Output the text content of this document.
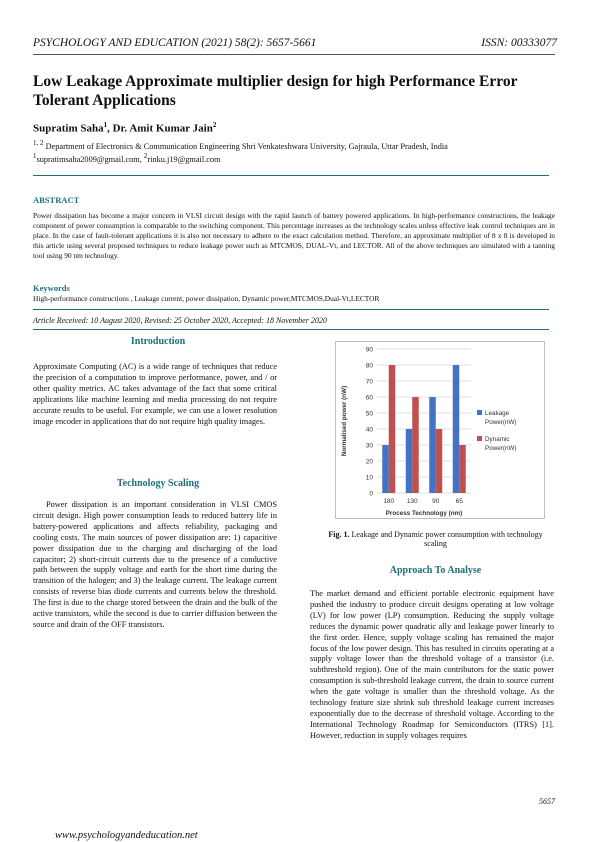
PSYCHOLOGY AND EDUCATION (2021) 58(2): 5657-5661	ISSN: 00333077
Low Leakage Approximate multiplier design for high Performance Error Tolerant Applications
Supratim Saha$^1$, Dr. Amit Kumar Jain$^2$
$^{1, 2}$ Department of Electronics & Communication Engineering Shri Venkateshwara University, Gajraula, Uttar Pradesh, India
$^1$supratimsaha2009@gmail.com, $^2$rinku.j19@gmail.com
ABSTRACT
Power dissipation has become a major concern in VLSI circuit design with the rapid launch of battery powered applications. In high-performance constructions, the leakage component of power consumption is comparable to the switching component. This percentage increases as the technology scales unless effective leak control techniques are in place. In the case of fault-tolerant applications it is also not necessary to adhere to the exact calculation method. Therefore, an approximate multiplier of 8 x 8 is developed in this article using several proposed techniques to reduce leakage power such as MTCMOS, DUAL-Vt, and LECTOR. All of the above techniques are simulated with a tanning tool using 90 nm technology.
Keywords
High-performance constructions , Leakage current, power dissipation, Dynamic power,MTCMOS,Dual-Vt,LECTOR
Article Received: 10 August 2020, Revised: 25 October 2020, Accepted: 18 November 2020
Introduction
Approximate Computing (AC) is a wide range of techniques that reduce the precision of a computation to improve performance, power, and / or other quality metrics. AC takes advantage of the fact that some critical applications like machine learning and media processing do not require accurate results to be useful. For example, we can use a lower resolution image encoder in applications that do not require high quality images.
Technology Scaling
Power dissipation is an important consideration in VLSI CMOS circuit design. High power consumption leads to reduced battery life in battery-powered applications and affects reliability, packaging and cooling costs. The main sources of power dissipation are: 1) capacitive power dissipation due to the charging and discharging of the load capacitor; 2) short-circuit currents due to the presence of a conductive path between the supply voltage and earth for the short time during the transition of the halogen; and 3) the leakage current. The leakage current consists of reverse bias diode currents and currents below the threshold. The first is due to the charge stored between the drain and the bulk of the active transistors, while the second is due to carrier diffusion between the source and drain of the OFF transistors.
0
10
20
30
40
50
60
70
80
90
180 130 90	65
Process Technology (nm)
Normalised power (nW)	Leakage Power(nW)
Dynamic Power(nW)
Fig. 1. Leakage and Dynamic power consumption with technology scaling
Approach To Analyse
The market demand and efficient portable electronic equipment have pushed the industry to produce circuit designs operating at low voltage (LV) for low power (LP) consumption. Reducing the supply voltage reduces the dynamic power quadratic ally and leakage power linearly to the first order. Hence, supply voltage scaling has remained the major focus of the low power design. This has resulted in circuits operating at a supply voltage lower than the threshold voltage of a transistor (i.e. subthreshold region). One of the main contributors for the static power consumption is sub-threshold leakage current, the drain to source current when the gate voltage is smaller than the threshold voltage. As the technology feature size shrink sub threshold leakage current increases exponentially due to the decrease of threshold voltage. According to the International Technology Roadmap for Semiconductors (ITRS) [1]. However, reduction in supply voltages requires
5657
www.psychologyandeducation.net
